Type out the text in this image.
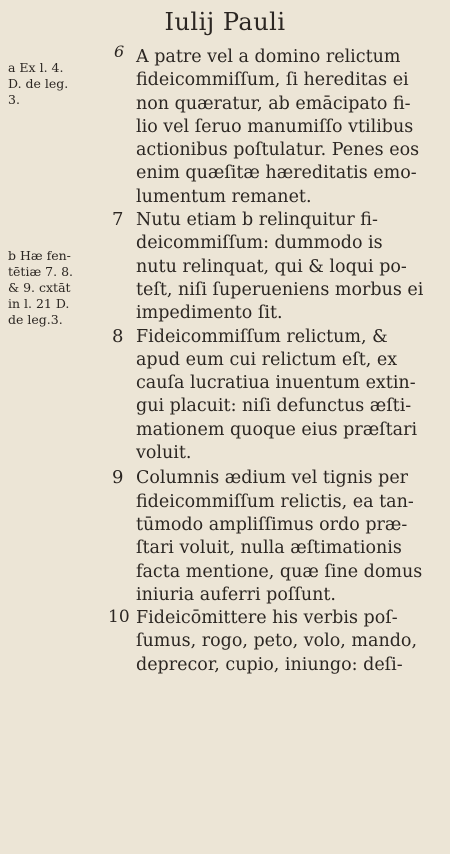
Iulij Pauli
a Ex l. 4.
D. de leg.
3.
b Hæ fen-
tētiæ 7. 8.
& 9. cxtāt
in l. 21 D.
de leg.3.
6 A patre vel a domino relictum
fideicommiſſum, ſi hereditas ei
non quæratur, ab emācipato fi-
lio vel ſeruo manumiſſo vtilibus
actionibus poſtulatur. Penes eos
enim quæſitæ hæreditatis emo-
lumentum remanet.
7 Nutu etiam b relinquitur fi-
deicommiſſum: dummodo is
nutu relinquat, qui & loqui po-
teſt, niſi ſuperueniens morbus ei
impedimento ſit.
8 Fideicommiſſum relictum, &
apud eum cui relictum eſt, ex
cauſa lucratiua inuentum extin-
gui placuit: niſi defunctus æſti-
mationem quoque eius præſtari
voluit.
9 Columnis ædium vel tignis per
fideicommiſſum relictis, ea tan-
tūmodo ampliſſimus ordo præ-
ſtari voluit, nulla æſtimationis
facta mentione, quæ ſine domus
iniuria auferri poſſunt.
10 Fideicōmittere his verbis poſ-
ſumus, rogo, peto, volo, mando,
deprecor, cupio, iniungo: deſi-
